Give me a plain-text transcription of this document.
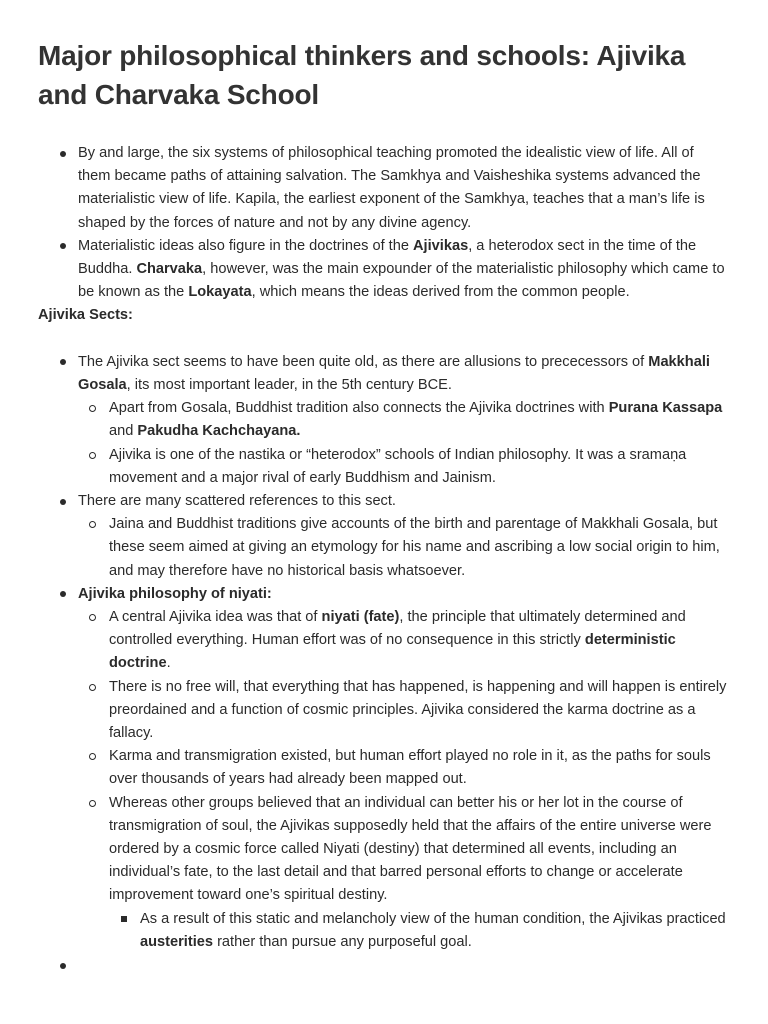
Major philosophical thinkers and schools: Ajivika and Charvaka School
By and large, the six systems of philosophical teaching promoted the idealistic view of life. All of them became paths of attaining salvation. The Samkhya and Vaisheshika systems advanced the materialistic view of life. Kapila, the earliest exponent of the Samkhya, teaches that a man’s life is shaped by the forces of nature and not by any divine agency.
Materialistic ideas also figure in the doctrines of the Ajivikas, a heterodox sect in the time of the Buddha. Charvaka, however, was the main expounder of the materialistic philosophy which came to be known as the Lokayata, which means the ideas derived from the common people.
Ajivika Sects:
The Ajivika sect seems to have been quite old, as there are allusions to prececessors of Makkhali Gosala, its most important leader, in the 5th century BCE.
Apart from Gosala, Buddhist tradition also connects the Ajivika doctrines with Purana Kassapa and Pakudha Kachchayana.
Ajivika is one of the nastika or “heterodox” schools of Indian philosophy. It was a sramaṇa movement and a major rival of early Buddhism and Jainism.
There are many scattered references to this sect.
Jaina and Buddhist traditions give accounts of the birth and parentage of Makkhali Gosala, but these seem aimed at giving an etymology for his name and ascribing a low social origin to him, and may therefore have no historical basis whatsoever.
Ajivika philosophy of niyati:
A central Ajivika idea was that of niyati (fate), the principle that ultimately determined and controlled everything. Human effort was of no consequence in this strictly deterministic doctrine.
There is no free will, that everything that has happened, is happening and will happen is entirely preordained and a function of cosmic principles. Ajivika considered the karma doctrine as a fallacy.
Karma and transmigration existed, but human effort played no role in it, as the paths for souls over thousands of years had already been mapped out.
Whereas other groups believed that an individual can better his or her lot in the course of transmigration of soul, the Ajivikas supposedly held that the affairs of the entire universe were ordered by a cosmic force called Niyati (destiny) that determined all events, including an individual’s fate, to the last detail and that barred personal efforts to change or accelerate improvement toward one’s spiritual destiny.
As a result of this static and melancholy view of the human condition, the Ajivikas practiced austerities rather than pursue any purposeful goal.
